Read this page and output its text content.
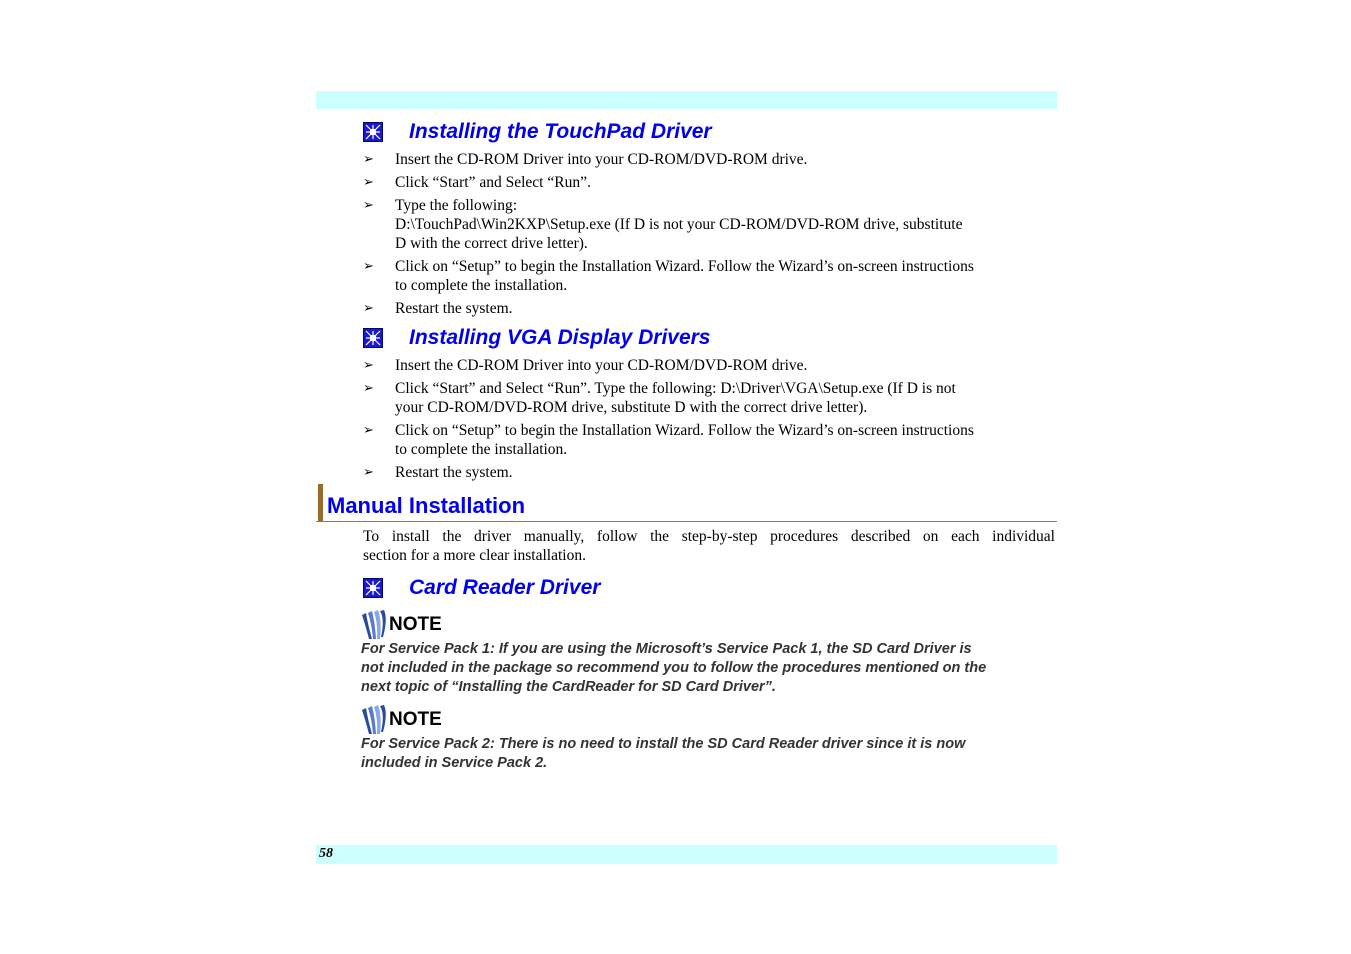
Installing the TouchPad Driver
➢ Insert the CD-ROM Driver into your CD-ROM/DVD-ROM drive.
➢ Click “Start” and Select “Run”.
➢ Type the following:
D:\TouchPad\Win2KXP\Setup.exe (If D is not your CD-ROM/DVD-ROM drive, substitute
D with the correct drive letter).
➢ Click on “Setup” to begin the Installation Wizard. Follow the Wizard’s on-screen instructions
to complete the installation.
➢ Restart the system.
Installing VGA Display Drivers
➢ Insert the CD-ROM Driver into your CD-ROM/DVD-ROM drive.
➢ Click “Start” and Select “Run”. Type the following: D:\Driver\VGA\Setup.exe (If D is not
your CD-ROM/DVD-ROM drive, substitute D with the correct drive letter).
➢ Click on “Setup” to begin the Installation Wizard. Follow the Wizard’s on-screen instructions
to complete the installation.
➢ Restart the system.
Manual Installation
To install the driver manually, follow the step-by-step procedures described on each individual
section for a more clear installation.
Card Reader Driver
NOTE
For Service Pack 1: If you are using the Microsoft’s Service Pack 1, the SD Card Driver is
not included in the package so recommend you to follow the procedures mentioned on the
next topic of “Installing the CardReader for SD Card Driver”.
NOTE
For Service Pack 2: There is no need to install the SD Card Reader driver since it is now
included in Service Pack 2.
58
